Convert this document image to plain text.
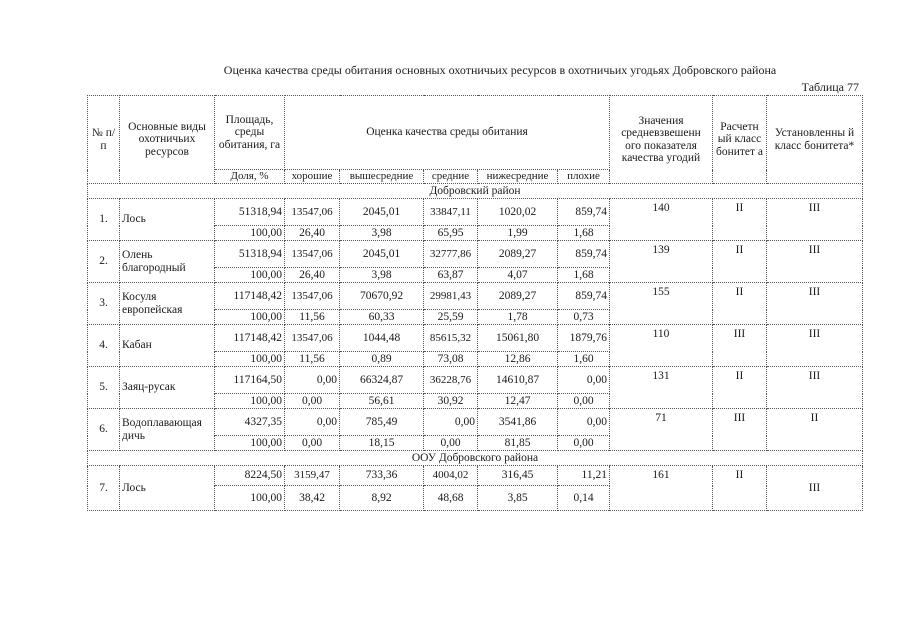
Оценка качества среды обитания основных охотничьих ресурсов в охотничьих угодьях Добровского района
Таблица 77
№ п/п	Основные виды охотничьих ресурсов	Площадь, среды обитания, га	Оценка качества среды обитания					Значения средневзвешенн ого показателя качества угодий	Расчетн ый класс бонитет а	Установленны й класс бонитета*
		Доля, %	хорошие	вышесредние	средние	нижесредние	плохие			
Добровский район										
1.	Лось	51318,94	13547,06	2045,01	33847,11	1020,02	859,74	140	II	III
		100,00	26,40	3,98	65,95	1,99	1,68			
2.	Олень благородный	51318,94	13547,06	2045,01	32777,86	2089,27	859,74	139	II	III
		100,00	26,40	3,98	63,87	4,07	1,68			
3.	Косуля европейская	117148,42	13547,06	70670,92	29981,43	2089,27	859,74	155	II	III
		100,00	11,56	60,33	25,59	1,78	0,73			
4.	Кабан	117148,42	13547,06	1044,48	85615,32	15061,80	1879,76	110	III	III
		100,00	11,56	0,89	73,08	12,86	1,60			
5.	Заяц-русак	117164,50	0,00	66324,87	36228,76	14610,87	0,00	131	II	III
		100,00	0,00	56,61	30,92	12,47	0,00			
6.	Водоплавающая дичь	4327,35	0,00	785,49	0,00	3541,86	0,00	71	III	II
		100,00	0,00	18,15	0,00	81,85	0,00			
ООУ Добровского района										
7.	Лось	8224,50	3159,47	733,36	4004,02	316,45	11,21	161	II	III
		100,00	38,42	8,92	48,68	3,85	0,14			
